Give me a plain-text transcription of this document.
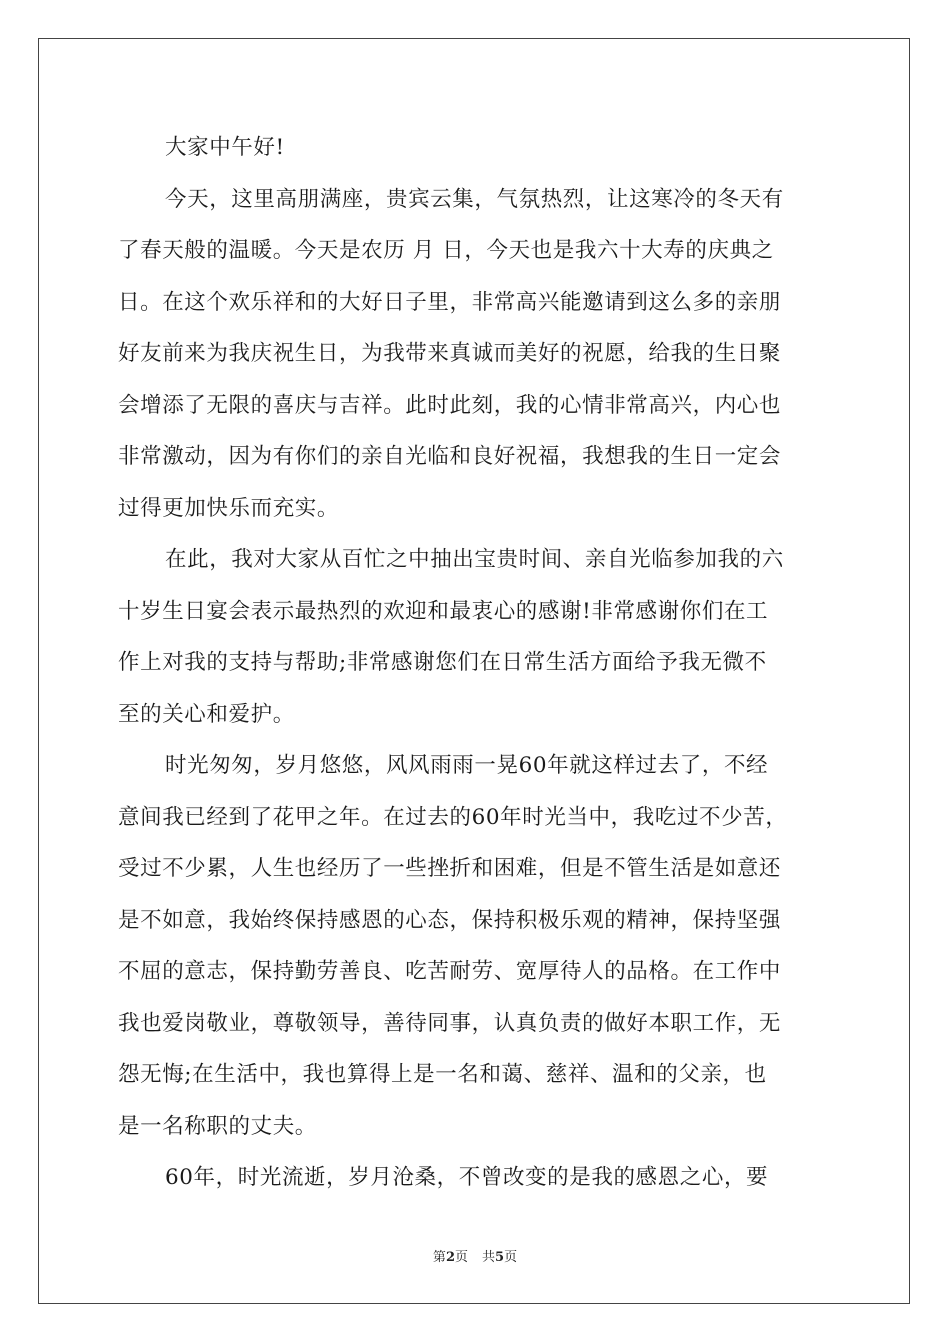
大家中午好!
今天，这里高朋满座，贵宾云集，气氛热烈，让这寒冷的冬天有
了春天般的温暖。今天是农历 月 日，今天也是我六十大寿的庆典之
日。在这个欢乐祥和的大好日子里，非常高兴能邀请到这么多的亲朋
好友前来为我庆祝生日，为我带来真诚而美好的祝愿，给我的生日聚
会增添了无限的喜庆与吉祥。此时此刻，我的心情非常高兴，内心也
非常激动，因为有你们的亲自光临和良好祝福，我想我的生日一定会
过得更加快乐而充实。
在此，我对大家从百忙之中抽出宝贵时间、亲自光临参加我的六
十岁生日宴会表示最热烈的欢迎和最衷心的感谢!非常感谢你们在工
作上对我的支持与帮助;非常感谢您们在日常生活方面给予我无微不
至的关心和爱护。
时光匆匆，岁月悠悠，风风雨雨一晃60年就这样过去了，不经
意间我已经到了花甲之年。在过去的60年时光当中，我吃过不少苦，
受过不少累，人生也经历了一些挫折和困难，但是不管生活是如意还
是不如意，我始终保持感恩的心态，保持积极乐观的精神，保持坚强
不屈的意志，保持勤劳善良、吃苦耐劳、宽厚待人的品格。在工作中
我也爱岗敬业，尊敬领导，善待同事，认真负责的做好本职工作，无
怨无悔;在生活中，我也算得上是一名和蔼、慈祥、温和的父亲，也
是一名称职的丈夫。
60年，时光流逝，岁月沧桑，不曾改变的是我的感恩之心，要
第2页 共5页
